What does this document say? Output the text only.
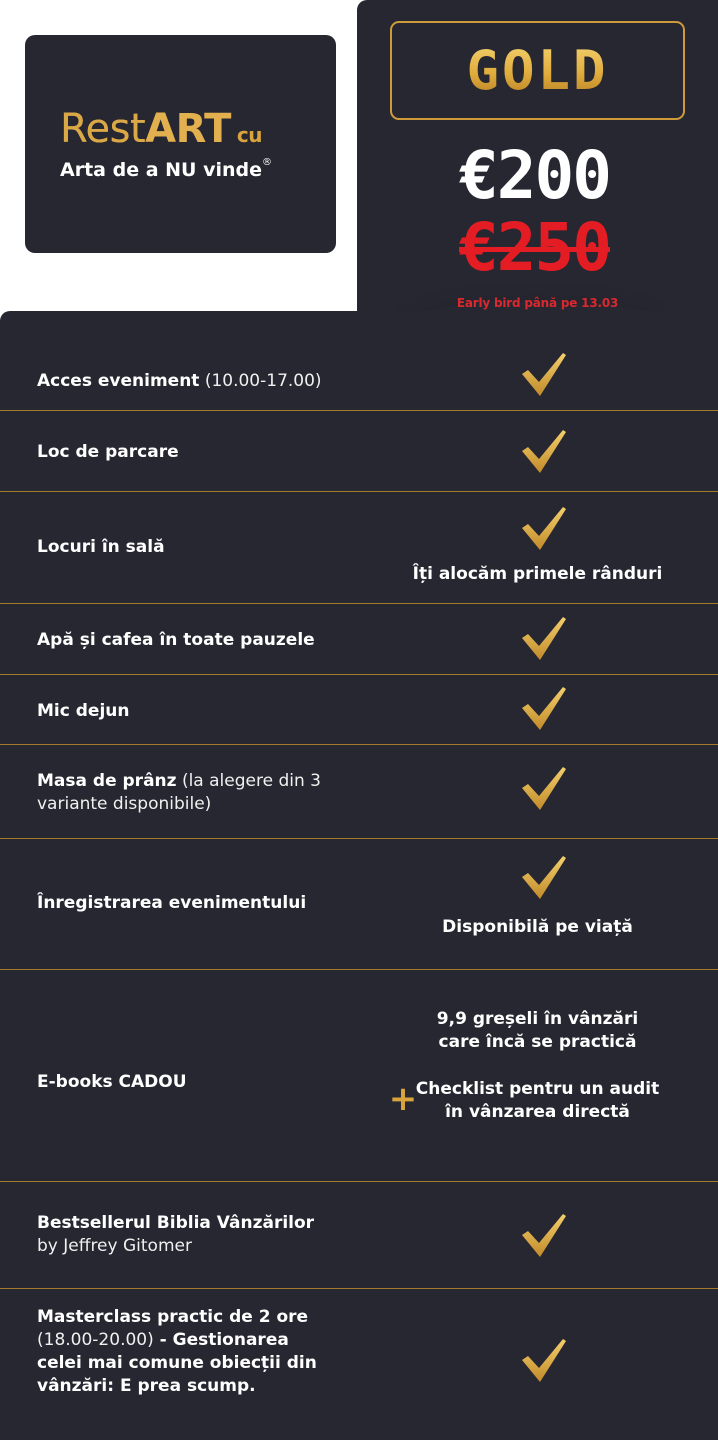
RestART cu
Arta de a NU vinde®
GOLD
€200
€250
Early bird până pe 13.03
Acces eveniment (10.00-17.00)
Loc de parcare
Locuri în sală
Îți alocăm primele rânduri
Apă și cafea în toate pauzele
Mic dejun
Masa de prânz (la alegere din 3 variante disponibile)
Înregistrarea evenimentului
Disponibilă pe viață
E-books CADOU
9,9 greșeli în vânzări
care încă se practică
+
Checklist pentru un audit
în vânzarea directă
Bestsellerul Biblia Vânzărilor
by Jeffrey Gitomer
Masterclass practic de 2 ore
(18.00-20.00) - Gestionarea celei mai comune obiecții din vânzări: E prea scump.
